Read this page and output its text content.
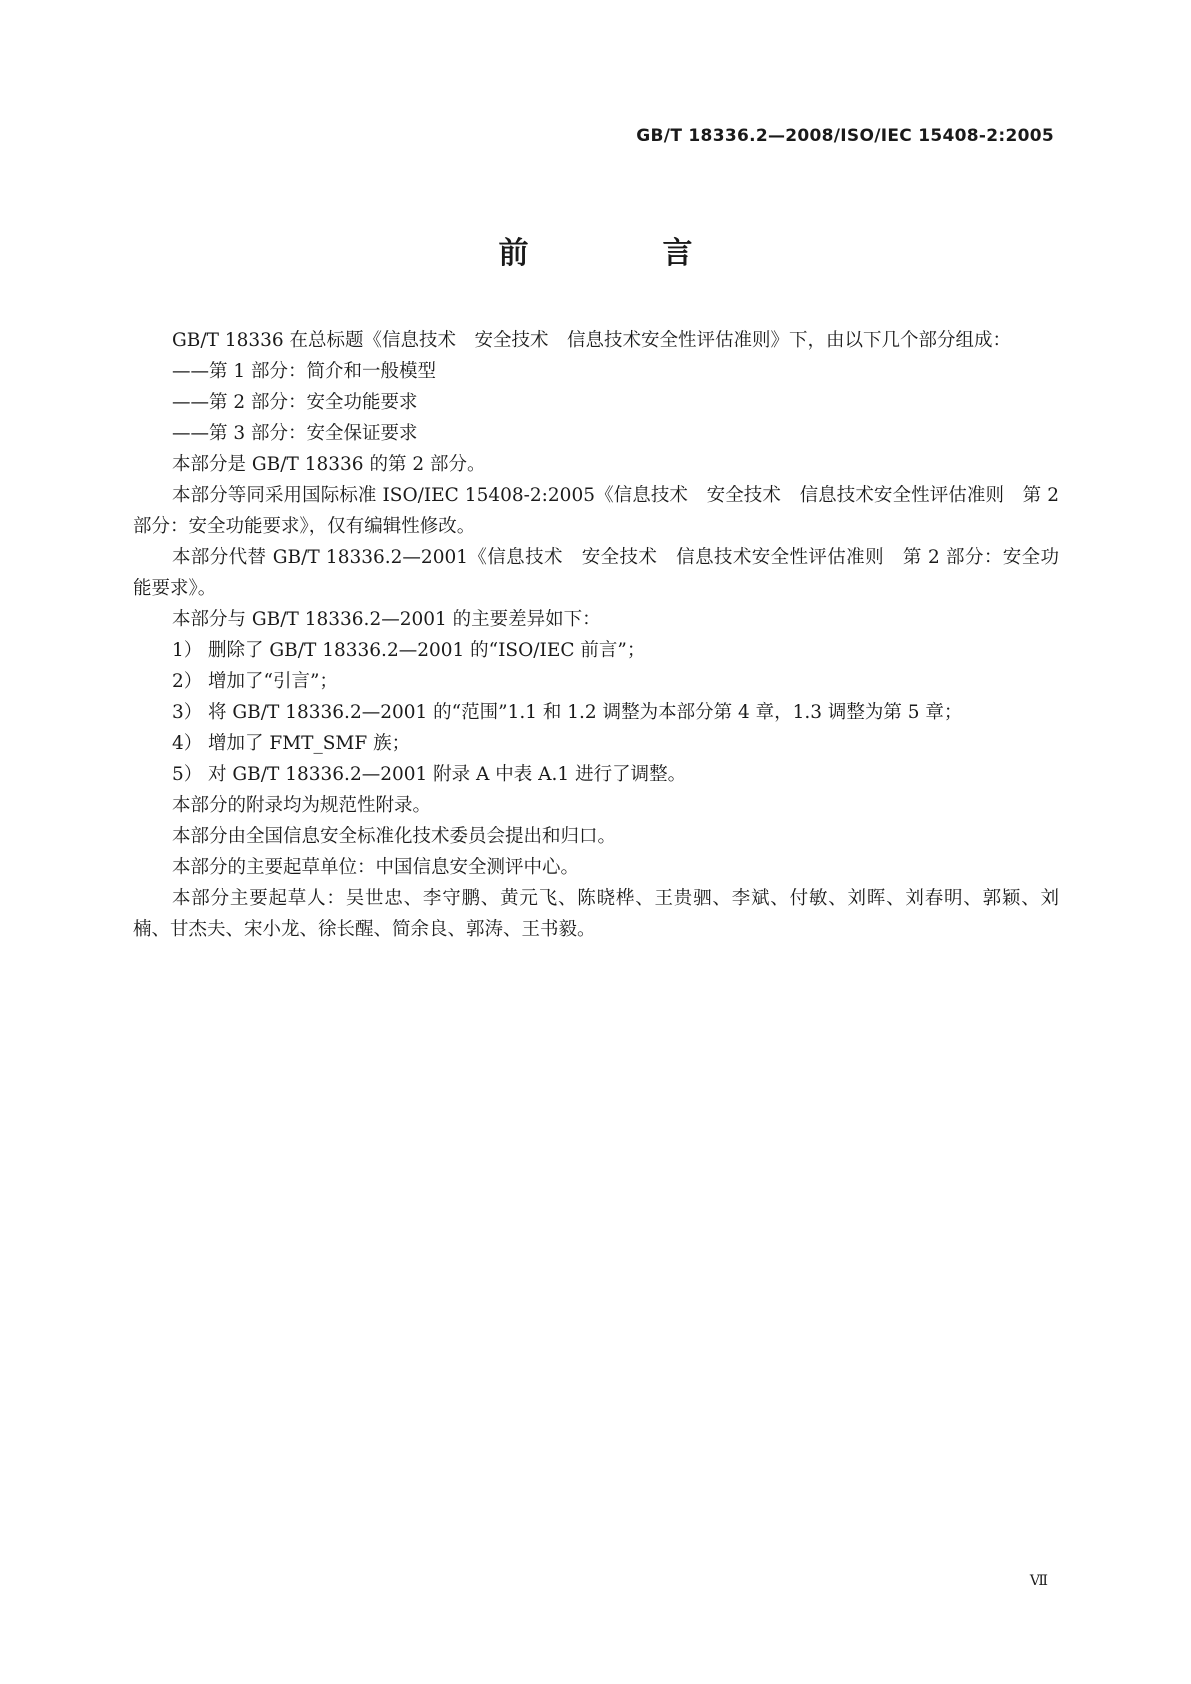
GB/T 18336.2—2008/ISO/IEC 15408-2:2005
前　言

GB/T 18336 在总标题《信息技术　安全技术　信息技术安全性评估准则》下，由以下几个部分组成：

——第 1 部分：简介和一般模型

——第 2 部分：安全功能要求

——第 3 部分：安全保证要求

本部分是 GB/T 18336 的第 2 部分。

本部分等同采用国际标准 ISO/IEC 15408-2:2005《信息技术　安全技术　信息技术安全性评估准则　第 2 部分：安全功能要求》，仅有编辑性修改。

本部分代替 GB/T 18336.2—2001《信息技术　安全技术　信息技术安全性评估准则　第 2 部分：安全功能要求》。

本部分与 GB/T 18336.2—2001 的主要差异如下：

1） 删除了 GB/T 18336.2—2001 的“ISO/IEC 前言”；

2） 增加了“引言”；

3） 将 GB/T 18336.2—2001 的“范围”1.1 和 1.2 调整为本部分第 4 章，1.3 调整为第 5 章；

4） 增加了 FMT_SMF 族；

5） 对 GB/T 18336.2—2001 附录 A 中表 A.1 进行了调整。

本部分的附录均为规范性附录。

本部分由全国信息安全标准化技术委员会提出和归口。

本部分的主要起草单位：中国信息安全测评中心。

本部分主要起草人：吴世忠、李守鹏、黄元飞、陈晓桦、王贵驷、李斌、付敏、刘晖、刘春明、郭颖、刘楠、甘杰夫、宋小龙、徐长醒、简余良、郭涛、王书毅。

Ⅶ
